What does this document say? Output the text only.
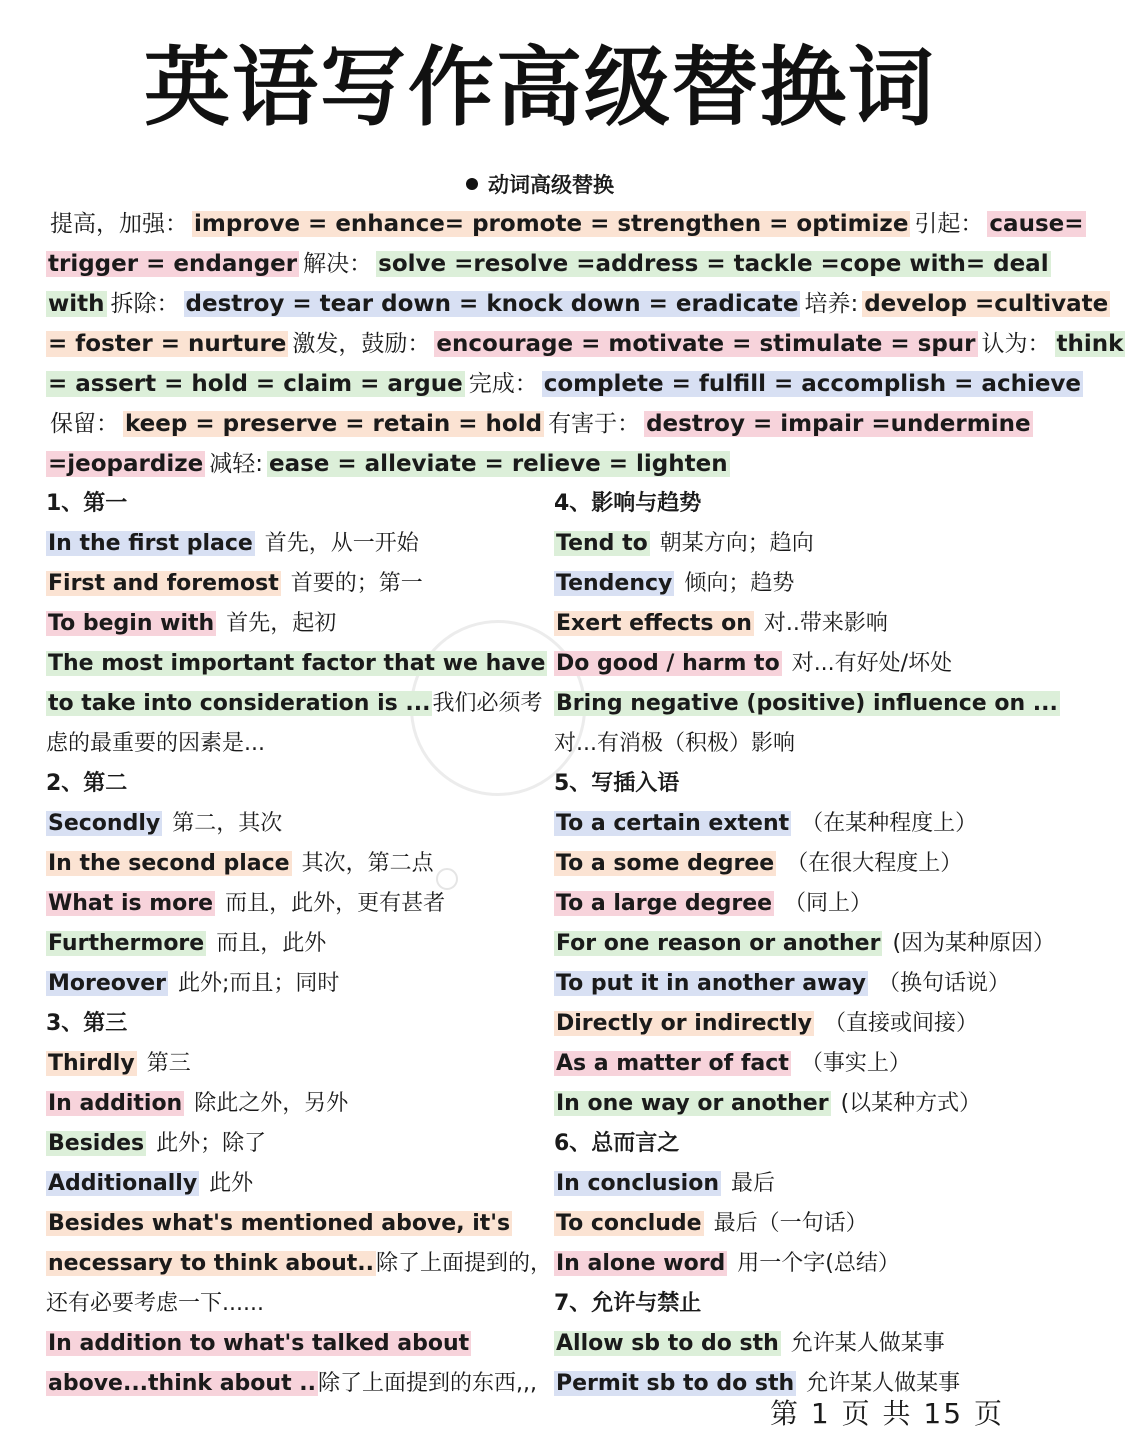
英语写作高级替换词
动词高级替换
提高，加强： improve = enhance= promote = strengthen = optimize 引起： cause=
trigger = endanger 解决： solve =resolve =address = tackle =cope with= deal
with 拆除： destroy = tear down = knock down = eradicate 培养: develop =cultivate
= foster = nurture 激发，鼓励： encourage = motivate = stimulate = spur 认为： think
= assert = hold = claim = argue 完成： complete = fulfill = accomplish = achieve
保留： keep = preserve = retain = hold 有害于： destroy = impair =undermine
=jeopardize 减轻: ease = alleviate = relieve = lighten
1、第一
In the first place 首先，从一开始
First and foremost 首要的；第一
To begin with 首先，起初
The most important factor that we have
to take into consideration is ...我们必须考
虑的最重要的因素是...
2、第二
Secondly 第二，其次
In the second place 其次，第二点
What is more 而且，此外，更有甚者
Furthermore 而且，此外
Moreover 此外;而且；同时
3、第三
Thirdly 第三
In addition 除此之外，另外
Besides 此外；除了
Additionally 此外
Besides what's mentioned above, it's
necessary to think about..除了上面提到的，
还有必要考虑一下......
In addition to what's talked about
above...think about ..除了上面提到的东西,,,
4、影响与趋势
Tend to 朝某方向；趋向
Tendency 倾向；趋势
Exert effects on 对..带来影响
Do good / harm to 对...有好处/坏处
Bring negative (positive) influence on ...
对...有消极（积极）影响
5、写插入语
To a certain extent （在某种程度上）
To a some degree （在很大程度上）
To a large degree （同上）
For one reason or another (因为某种原因）
To put it in another away （换句话说）
Directly or indirectly （直接或间接）
As a matter of fact （事实上）
In one way or another (以某种方式）
6、总而言之
In conclusion 最后
To conclude 最后（一句话）
In alone word 用一个字(总结）
7、允许与禁止
Allow sb to do sth 允许某人做某事
Permit sb to do sth 允许某人做某事
第 1 页 共 15 页
